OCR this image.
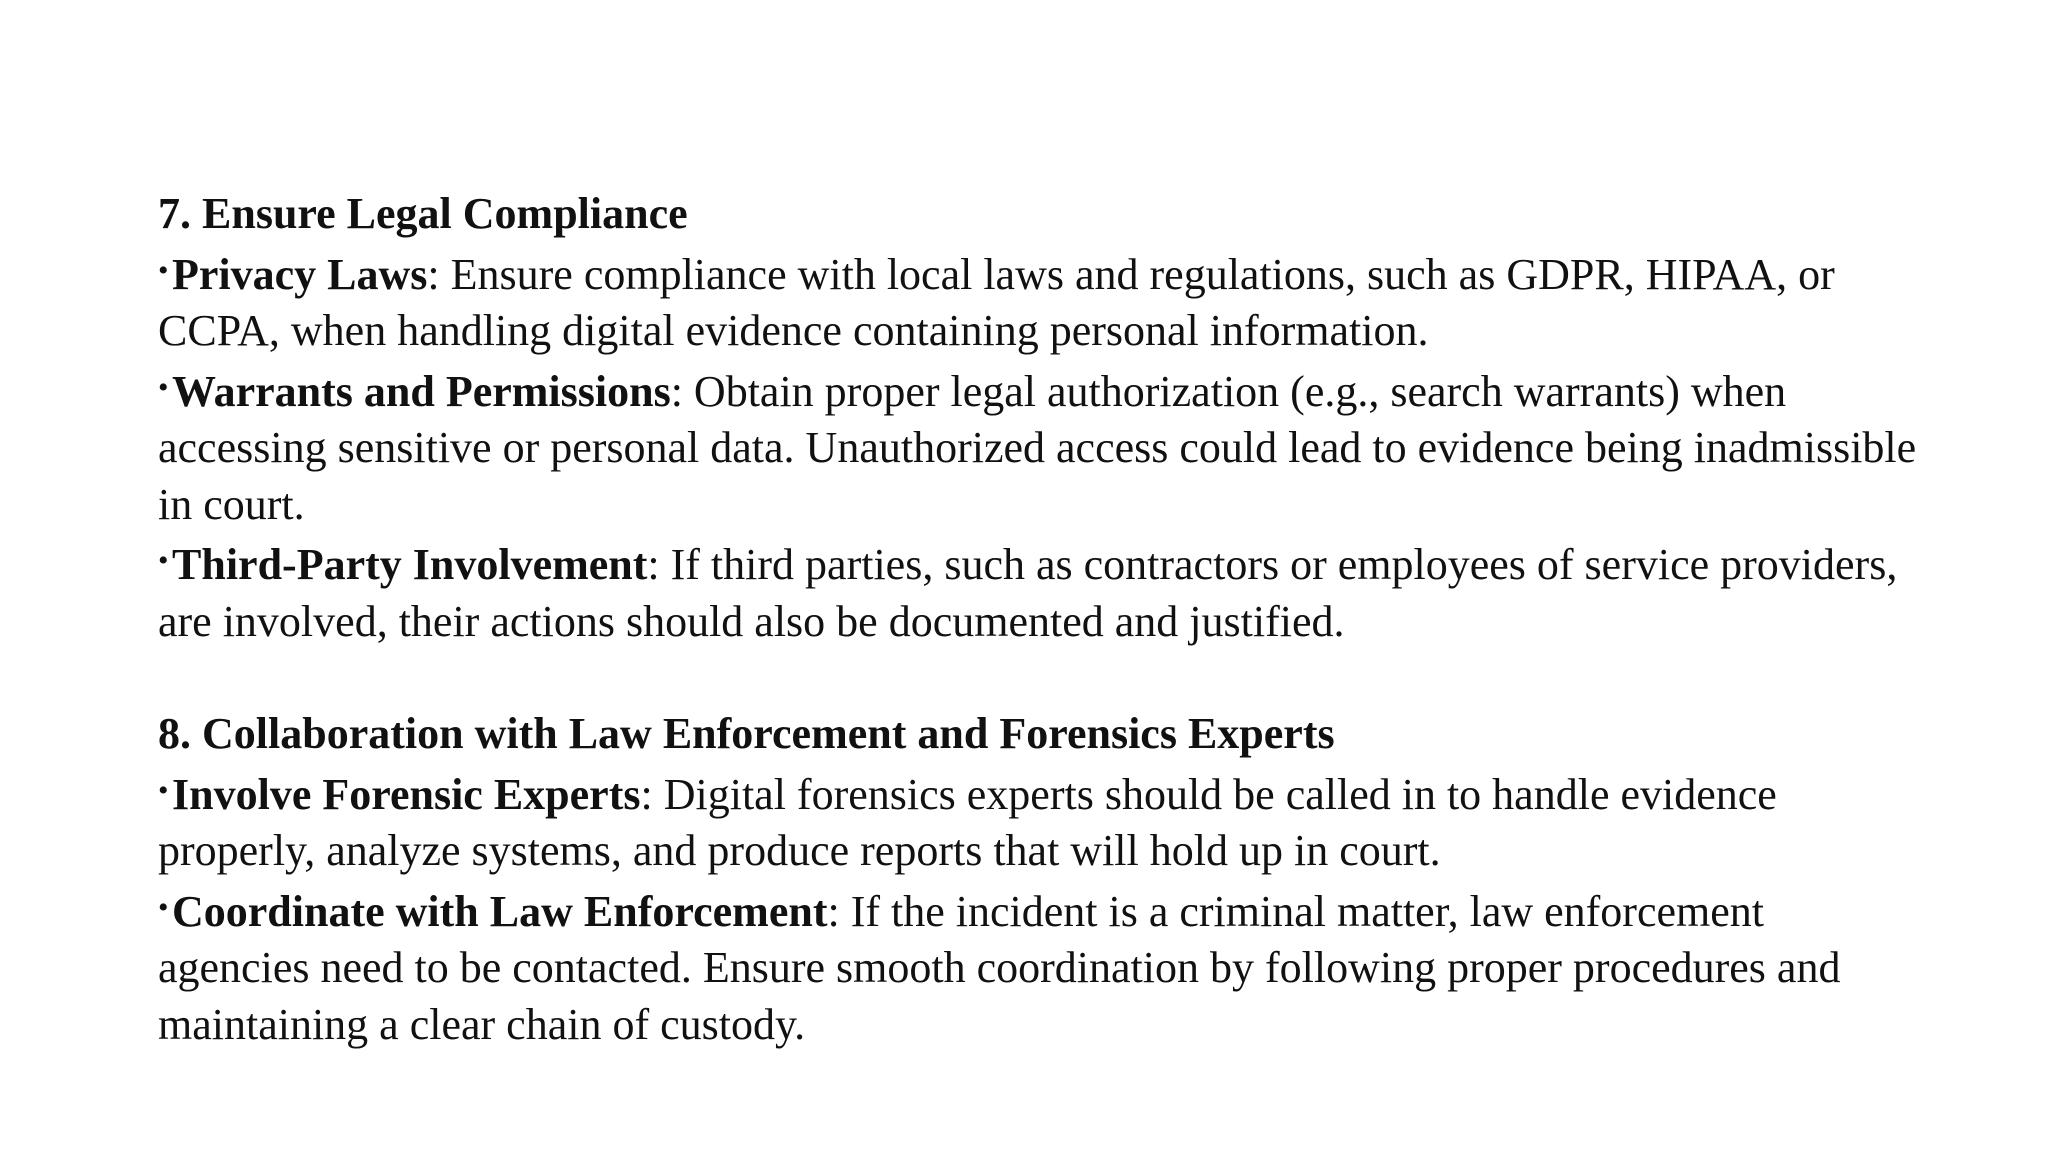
7. Ensure Legal Compliance

•Privacy Laws: Ensure compliance with local laws and regulations, such as GDPR, HIPAA, or CCPA, when handling digital evidence containing personal information.

•Warrants and Permissions: Obtain proper legal authorization (e.g., search warrants) when accessing sensitive or personal data. Unauthorized access could lead to evidence being inadmissible in court.

•Third-Party Involvement: If third parties, such as contractors or employees of service providers, are involved, their actions should also be documented and justified.

8. Collaboration with Law Enforcement and Forensics Experts

•Involve Forensic Experts: Digital forensics experts should be called in to handle evidence properly, analyze systems, and produce reports that will hold up in court.

•Coordinate with Law Enforcement: If the incident is a criminal matter, law enforcement agencies need to be contacted. Ensure smooth coordination by following proper procedures and maintaining a clear chain of custody.
